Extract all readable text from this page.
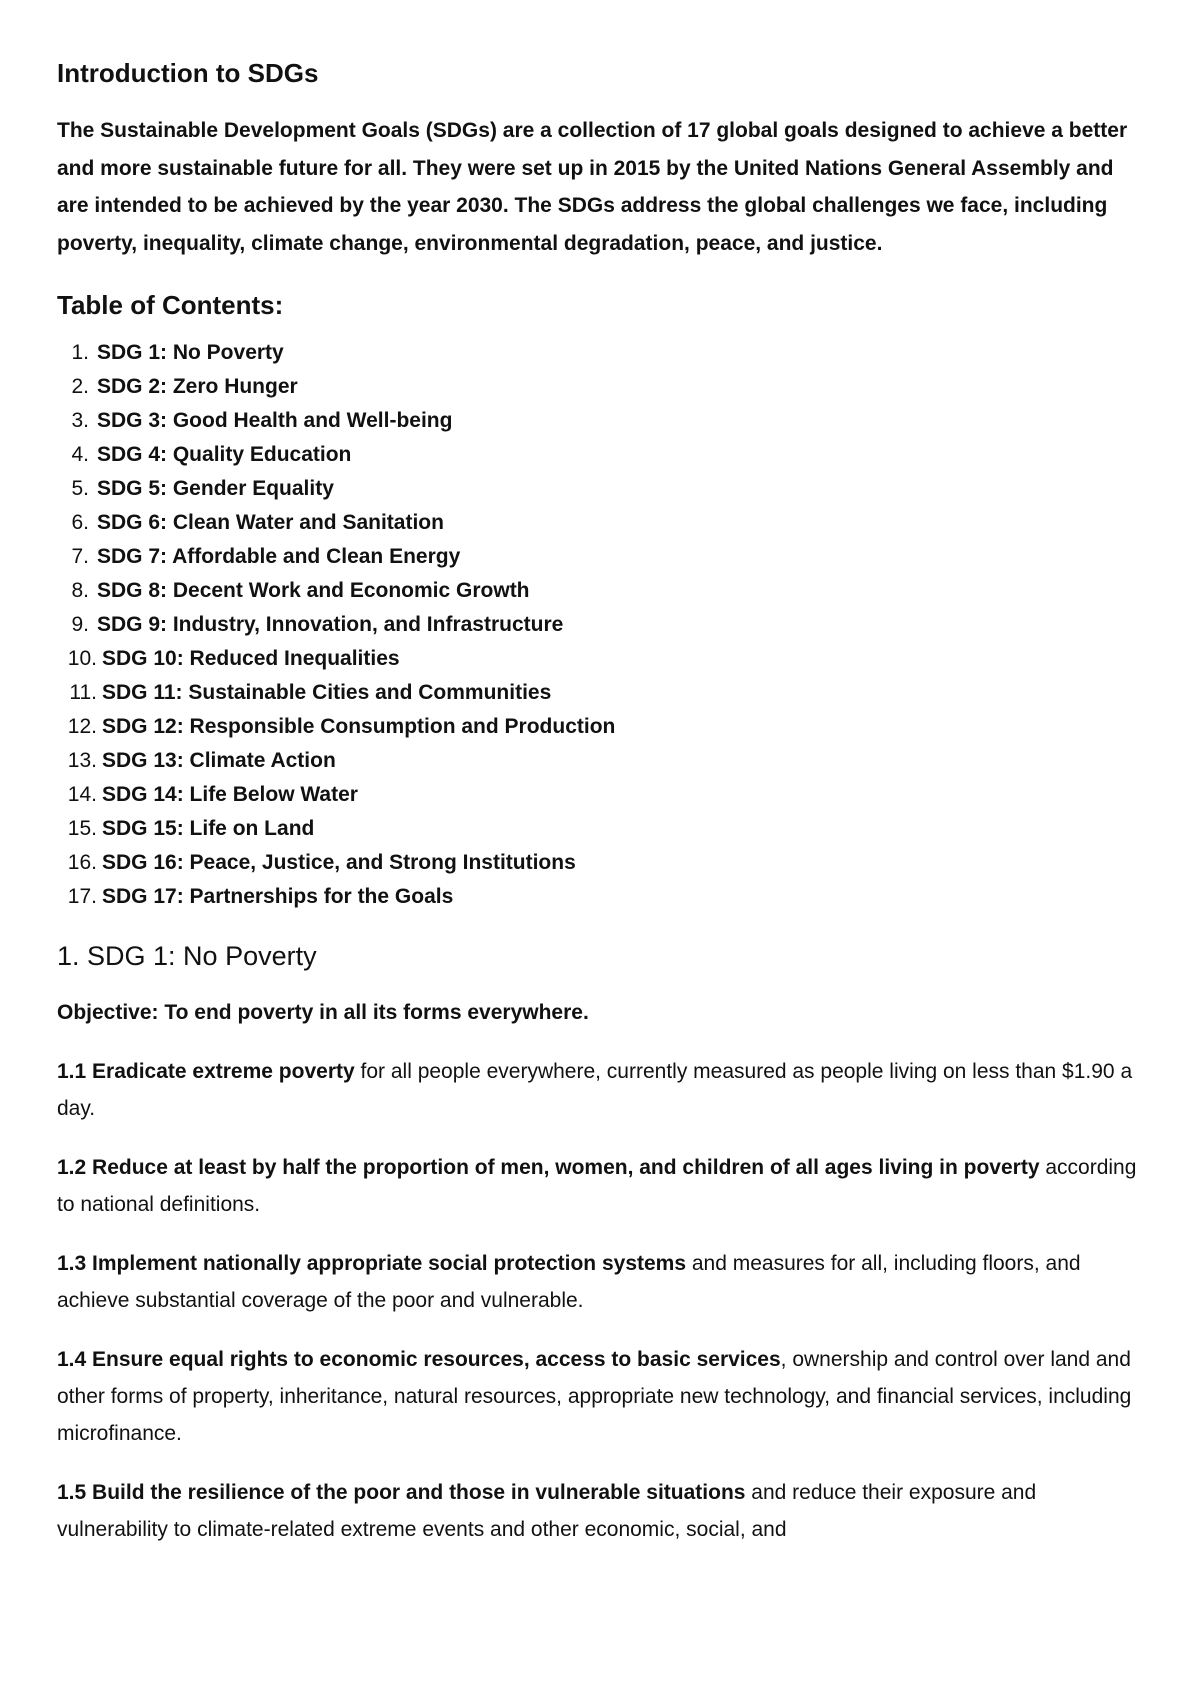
Introduction to SDGs

The Sustainable Development Goals (SDGs) are a collection of 17 global goals designed to achieve a better and more sustainable future for all. They were set up in 2015 by the United Nations General Assembly and are intended to be achieved by the year 2030. The SDGs address the global challenges we face, including poverty, inequality, climate change, environmental degradation, peace, and justice.

Table of Contents:
1. SDG 1: No Poverty
2. SDG 2: Zero Hunger
3. SDG 3: Good Health and Well-being
4. SDG 4: Quality Education
5. SDG 5: Gender Equality
6. SDG 6: Clean Water and Sanitation
7. SDG 7: Affordable and Clean Energy
8. SDG 8: Decent Work and Economic Growth
9. SDG 9: Industry, Innovation, and Infrastructure
10. SDG 10: Reduced Inequalities
11. SDG 11: Sustainable Cities and Communities
12. SDG 12: Responsible Consumption and Production
13. SDG 13: Climate Action
14. SDG 14: Life Below Water
15. SDG 15: Life on Land
16. SDG 16: Peace, Justice, and Strong Institutions
17. SDG 17: Partnerships for the Goals
1. SDG 1: No Poverty

Objective: To end poverty in all its forms everywhere.

1.1 Eradicate extreme poverty for all people everywhere, currently measured as people living on less than $1.90 a day.

1.2 Reduce at least by half the proportion of men, women, and children of all ages living in poverty according to national definitions.

1.3 Implement nationally appropriate social protection systems and measures for all, including floors, and achieve substantial coverage of the poor and vulnerable.

1.4 Ensure equal rights to economic resources, access to basic services, ownership and control over land and other forms of property, inheritance, natural resources, appropriate new technology, and financial services, including microfinance.

1.5 Build the resilience of the poor and those in vulnerable situations and reduce their exposure and vulnerability to climate-related extreme events and other economic, social, and
